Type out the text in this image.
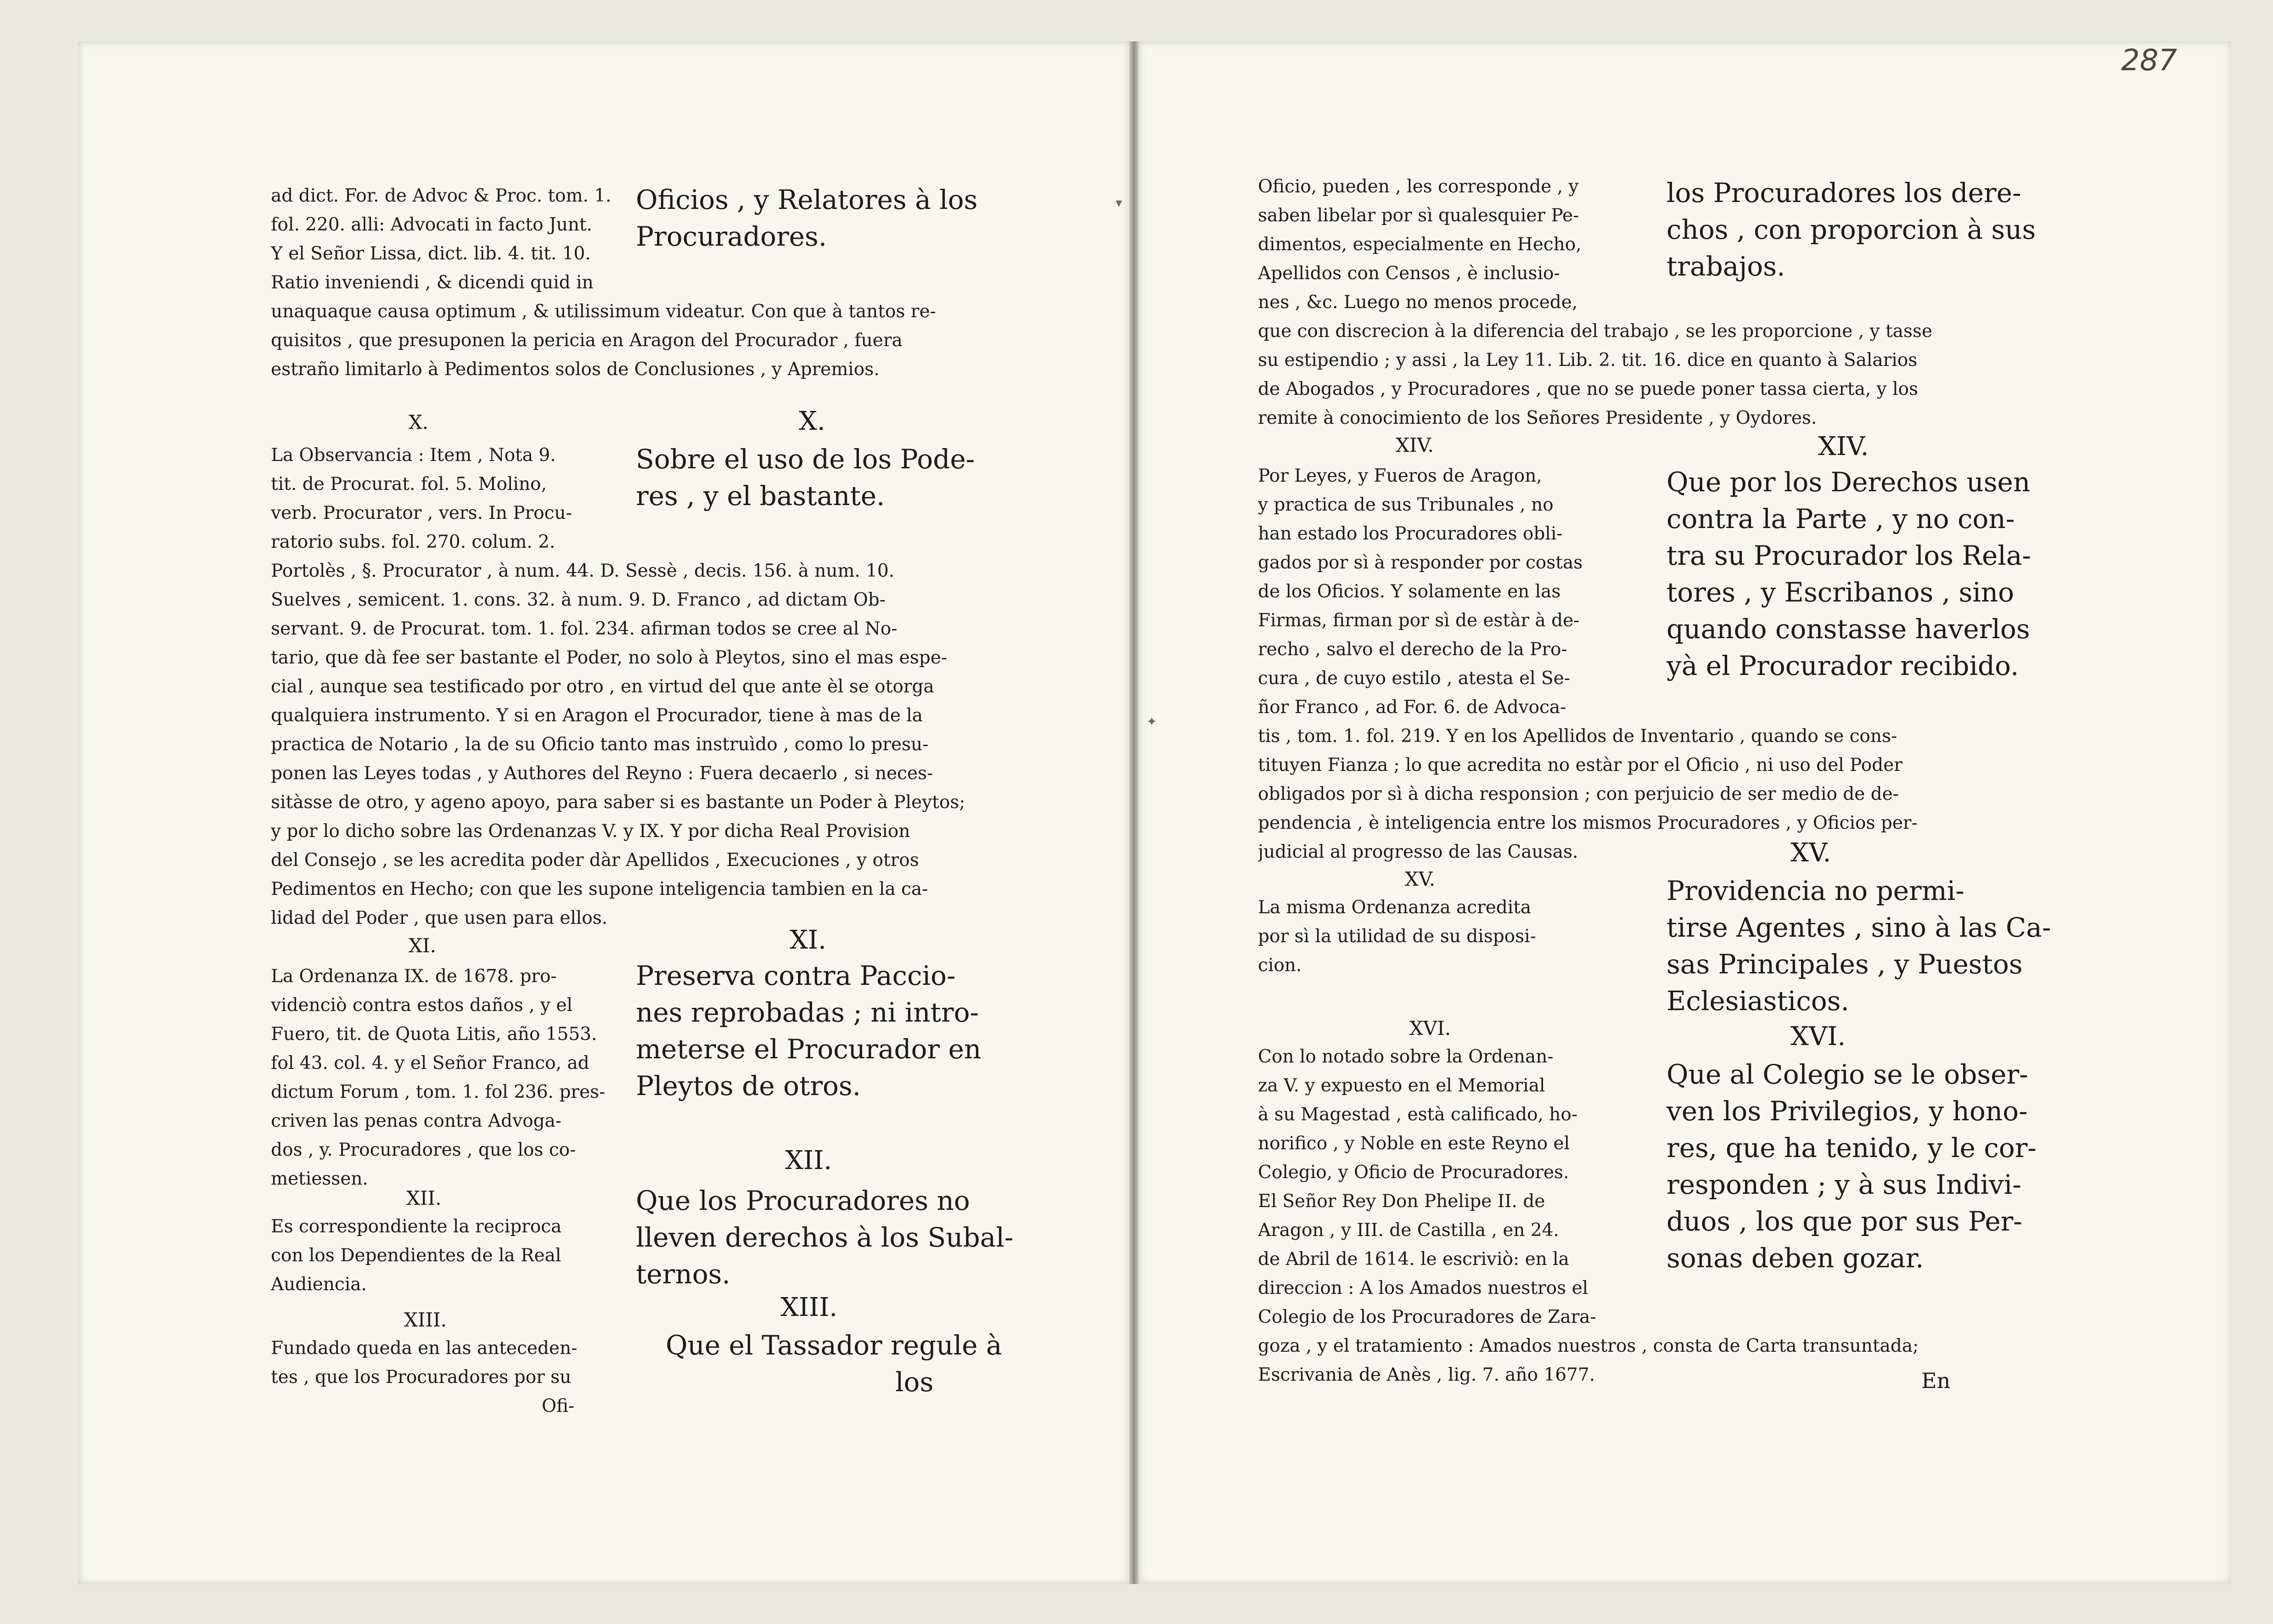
287
ad dict. For. de Advoc & Proc. tom. 1.
fol. 220. alli: Advocati in facto Junt.
Y el Señor Lissa, dict. lib. 4. tit. 10.
Ratio inveniendi , & dicendi quid in
unaquaque causa optimum , & utilissimum videatur. Con que à tantos re-
quisitos , que presuponen la pericia en Aragon del Procurador , fuera
estraño limitarlo à Pedimentos solos de Conclusiones , y Apremios.
Oficios , y Relatores à los
Procuradores.
X.	X.
La Observancia : Item , Nota 9.
tit. de Procurat. fol. 5. Molino,
verb. Procurator , vers. In Procu-
ratorio subs. fol. 270. colum. 2.
Portolès , §. Procurator , à num. 44. D. Sessè , decis. 156. à num. 10.
Suelves , semicent. 1. cons. 32. à num. 9. D. Franco , ad dictam Ob-
servant. 9. de Procurat. tom. 1. fol. 234. afirman todos se cree al No-
tario, que dà fee ser bastante el Poder, no solo à Pleytos, sino el mas espe-
cial , aunque sea testificado por otro , en virtud del que ante èl se otorga
qualquiera instrumento. Y si en Aragon el Procurador, tiene à mas de la
practica de Notario , la de su Oficio tanto mas instruìdo , como lo presu-
ponen las Leyes todas , y Authores del Reyno : Fuera decaerlo , si neces-
sitàsse de otro, y ageno apoyo, para saber si es bastante un Poder à Pleytos;
y por lo dicho sobre las Ordenanzas V. y IX. Y por dicha Real Provision
del Consejo , se les acredita poder dàr Apellidos , Execuciones , y otros
Pedimentos en Hecho; con que les supone inteligencia tambien en la ca-
lidad del Poder , que usen para ellos.
Sobre el uso de los Pode-
res , y el bastante.
XI.	XI.
La Ordenanza IX. de 1678. pro-
videnciò contra estos daños , y el
Fuero, tit. de Quota Litis, año 1553.
fol 43. col. 4. y el Señor Franco, ad
dictum Forum , tom. 1. fol 236. pres-
criven las penas contra Advoga-
dos , y. Procuradores , que los co-
metiessen.
Preserva contra Paccio-
nes reprobadas ; ni intro-
meterse el Procurador en
Pleytos de otros.
XII.
XII.
Es correspondiente la reciproca
con los Dependientes de la Real
Audiencia.
Que los Procuradores no
lleven derechos à los Subal-
ternos.
XIII.	XIII.
Fundado queda en las anteceden-
tes , que los Procuradores por su
Ofi-
Que el Tassador regule à
los
Oficio, pueden , les corresponde , y
saben libelar por sì qualesquier Pe-
dimentos, especialmente en Hecho,
Apellidos con Censos , è inclusio-
nes , &c. Luego no menos procede,
que con discrecion à la diferencia del trabajo , se les proporcione , y tasse
su estipendio ; y assi , la Ley 11. Lib. 2. tit. 16. dice en quanto à Salarios
de Abogados , y Procuradores , que no se puede poner tassa cierta, y los
remite à conocimiento de los Señores Presidente , y Oydores.
los Procuradores los dere-
chos , con proporcion à sus
trabajos.
XIV.	XIV.
Por Leyes, y Fueros de Aragon,
y practica de sus Tribunales , no
han estado los Procuradores obli-
gados por sì à responder por costas
de los Oficios. Y solamente en las
Firmas, firman por sì de estàr à de-
recho , salvo el derecho de la Pro-
cura , de cuyo estilo , atesta el Se-
ñor Franco , ad For. 6. de Advoca-
tis , tom. 1. fol. 219. Y en los Apellidos de Inventario , quando se cons-
tituyen Fianza ; lo que acredita no estàr por el Oficio , ni uso del Poder
obligados por sì à dicha responsion ; con perjuicio de ser medio de de-
pendencia , è inteligencia entre los mismos Procuradores , y Oficios per-
judicial al progresso de las Causas.
Que por los Derechos usen
contra la Parte , y no con-
tra su Procurador los Rela-
tores , y Escribanos , sino
quando constasse haverlos
yà el Procurador recibido.
XV.
XV.
La misma Ordenanza acredita
por sì la utilidad de su disposi-
cion.
Providencia no permi-
tirse Agentes , sino à las Ca-
sas Principales , y Puestos
Eclesiasticos.
XVI.	XVI.
Con lo notado sobre la Ordenan-
za V. y expuesto en el Memorial
à su Magestad , està calificado, ho-
norifico , y Noble en este Reyno el
Colegio, y Oficio de Procuradores.
El Señor Rey Don Phelipe II. de
Aragon , y III. de Castilla , en 24.
de Abril de 1614. le escriviò: en la
direccion : A los Amados nuestros el
Colegio de los Procuradores de Zara-
goza , y el tratamiento : Amados nuestros , consta de Carta transuntada;
Escrivania de Anès , lig. 7. año 1677.
Que al Colegio se le obser-
ven los Privilegios, y hono-
res, que ha tenido, y le cor-
responden ; y à sus Indivi-
duos , los que por sus Per-
sonas deben gozar.
En
▾
✦
